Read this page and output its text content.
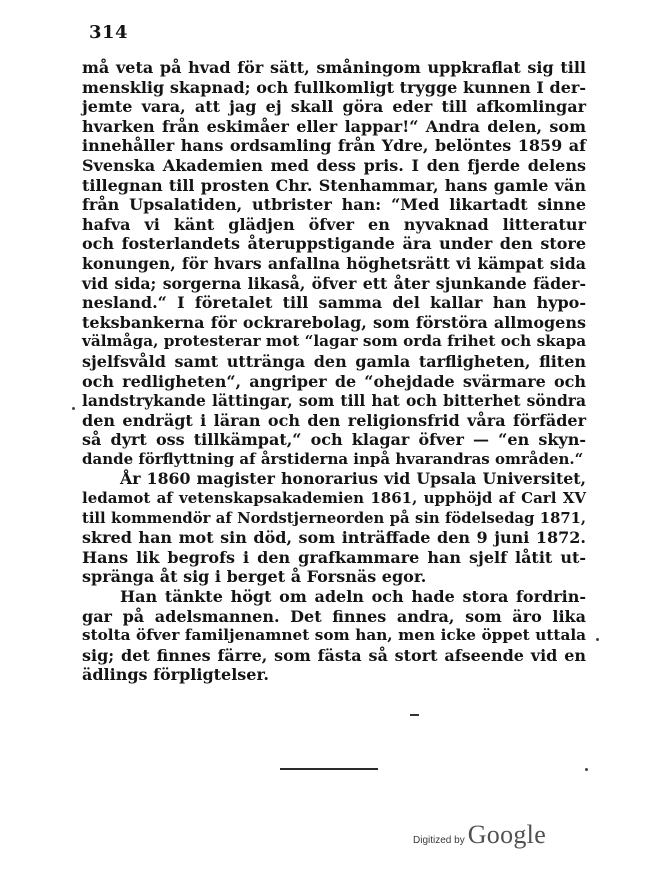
314
må veta på hvad för sätt, småningom uppkraflat sig till
mensklig skapnad; och fullkomligt trygge kunnen I der-
jemte vara, att jag ej skall göra eder till afkomlingar
hvarken från eskimåer eller lappar!“ Andra delen, som
innehåller hans ordsamling från Ydre, belöntes 1859 af
Svenska Akademien med dess pris. I den fjerde delens
tillegnan till prosten Chr. Stenhammar, hans gamle vän
från Upsalatiden, utbrister han: “Med likartadt sinne
hafva vi känt glädjen öfver en nyvaknad litteratur
och fosterlandets återuppstigande ära under den store
konungen, för hvars anfallna höghetsrätt vi kämpat sida
vid sida; sorgerna likaså, öfver ett åter sjunkande fäder-
nesland.“ I företalet till samma del kallar han hypo-
teksbankerna för ockrarebolag, som förstöra allmogens
välmåga, protesterar mot “lagar som orda frihet och skapa
sjelfsvåld samt uttränga den gamla tarfligheten, fliten
och redligheten“, angriper de “ohejdade svärmare och
landstrykande lättingar, som till hat och bitterhet söndra
den endrägt i läran och den religionsfrid våra förfäder
så dyrt oss tillkämpat,“ och klagar öfver — “en skyn-
dande förflyttning af årstiderna inpå hvarandras områden.“
År 1860 magister honorarius vid Upsala Universitet,
ledamot af vetenskapsakademien 1861, upphöjd af Carl XV
till kommendör af Nordstjerneorden på sin födelsedag 1871,
skred han mot sin död, som inträffade den 9 juni 1872.
Hans lik begrofs i den grafkammare han sjelf låtit ut-
spränga åt sig i berget å Forsnäs egor.
Han tänkte högt om adeln och hade stora fordrin-
gar på adelsmannen. Det finnes andra, som äro lika
stolta öfver familjenamnet som han, men icke öppet uttala
sig; det finnes färre, som fästa så stort afseende vid en
ädlings förpligtelser.
Digitized by Google
